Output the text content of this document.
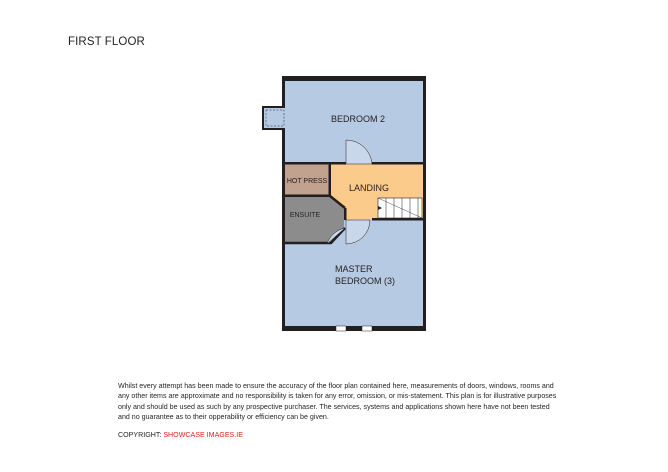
FIRST FLOOR
BEDROOM 2
HOT PRESS
LANDING
ENSUITE
MASTER
BEDROOM (3)
Whilst every attempt has been made to ensure the accuracy of the floor plan contained here, measurements of doors, windows, rooms and any other items are approximate and no responsibility is taken for any error, omission, or mis-statement. This plan is for illustrative purposes only and should be used as such by any prospective purchaser. The services, systems and applications shown here have not been tested and no guarantee as to their opperability or efficiency can be given.
COPYRIGHT: SHOWCASE IMAGES.IE
